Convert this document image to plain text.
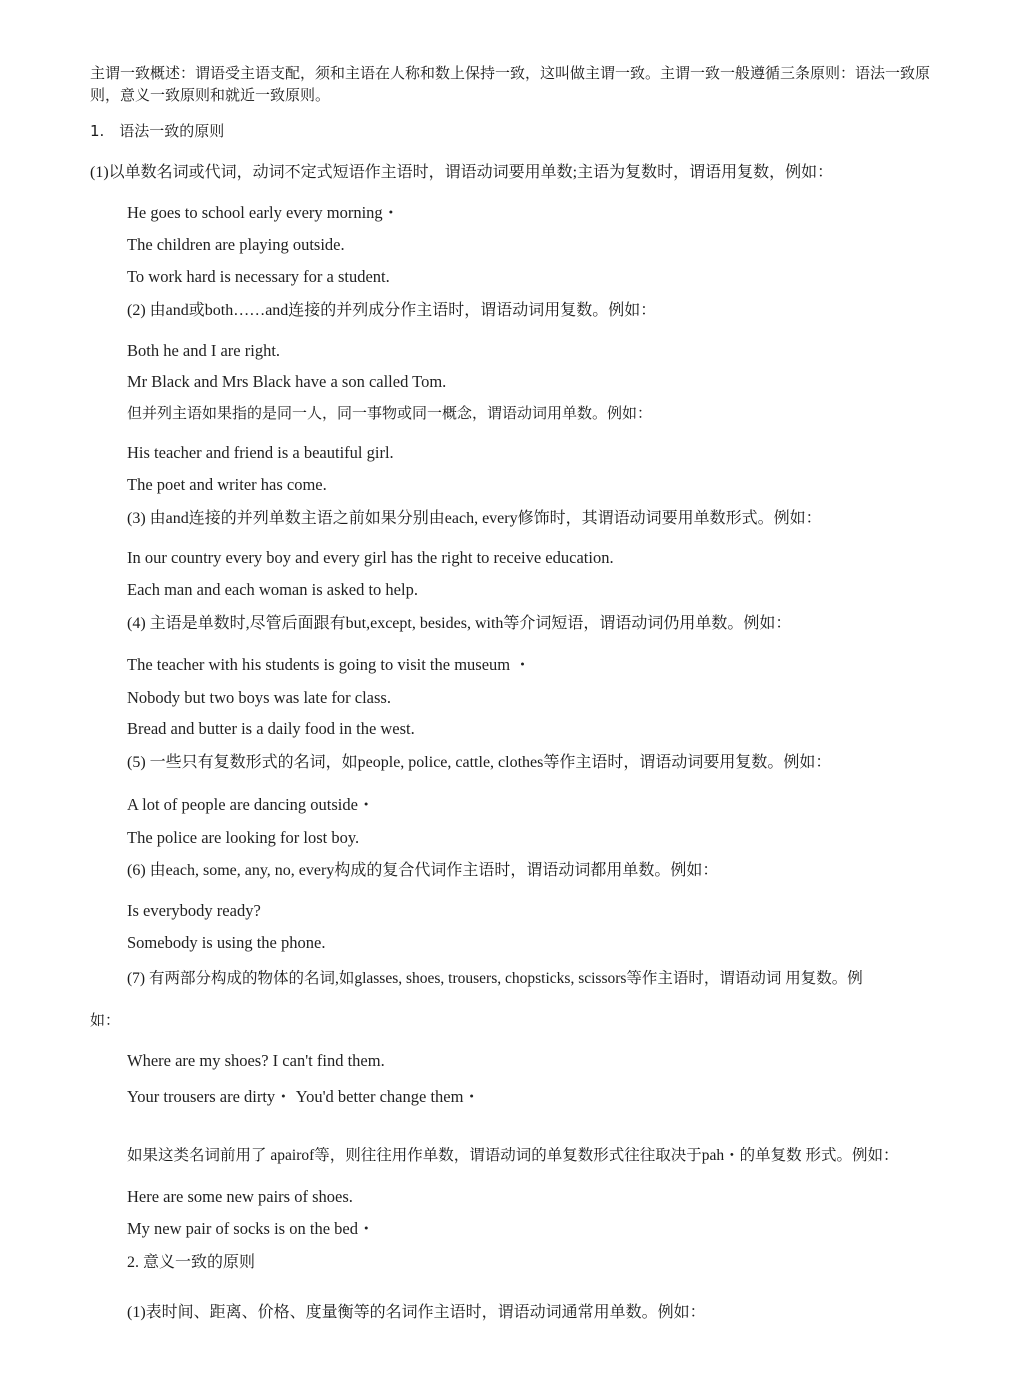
主谓一致概述：谓语受主语支配，须和主语在人称和数上保持一致，这叫做主谓一致。主谓一致一般遵循三条原则：语法一致原则，意义一致原则和就近一致原则。
1.　语法一致的原则
(1)以单数名词或代词，动词不定式短语作主语时，谓语动词要用单数;主语为复数时，谓语用复数，例如：
He goes to school early every morning・
The children are playing outside.
To work hard is necessary for a student.
(2) 由and或both……and连接的并列成分作主语时，谓语动词用复数。例如：
Both he and I are right.
Mr Black and Mrs Black have a son called Tom.
但并列主语如果指的是同一人，同一事物或同一概念，谓语动词用单数。例如：
His teacher and friend is a beautiful girl.
The poet and writer has come.
(3) 由and连接的并列单数主语之前如果分别由each, every修饰时，其谓语动词要用单数形式。例如：
In our country every boy and every girl has the right to receive education.
Each man and each woman is asked to help.
(4) 主语是单数时,尽管后面跟有but,except, besides, with等介词短语，谓语动词仍用单数。例如：
The teacher with his students is going to visit the museum ・
Nobody but two boys was late for class.
Bread and butter is a daily food in the west.
(5) 一些只有复数形式的名词，如people, police, cattle, clothes等作主语时，谓语动词要用复数。例如：
A lot of people are dancing outside・
The police are looking for lost boy.
(6) 由each, some, any, no, every构成的复合代词作主语时，谓语动词都用单数。例如：
Is everybody ready?
Somebody is using the phone.
(7) 有两部分构成的物体的名词,如glasses, shoes, trousers, chopsticks, scissors等作主语时，谓语动词 用复数。例
如：
Where are my shoes? I can't find them.
Your trousers are dirty・ You'd better change them・
如果这类名词前用了 apairof等，则往往用作单数，谓语动词的单复数形式往往取决于pah・的单复数 形式。例如：
Here are some new pairs of shoes.
My new pair of socks is on the bed・
2. 意义一致的原则
(1)表时间、距离、价格、度量衡等的名词作主语时，谓语动词通常用单数。例如：
